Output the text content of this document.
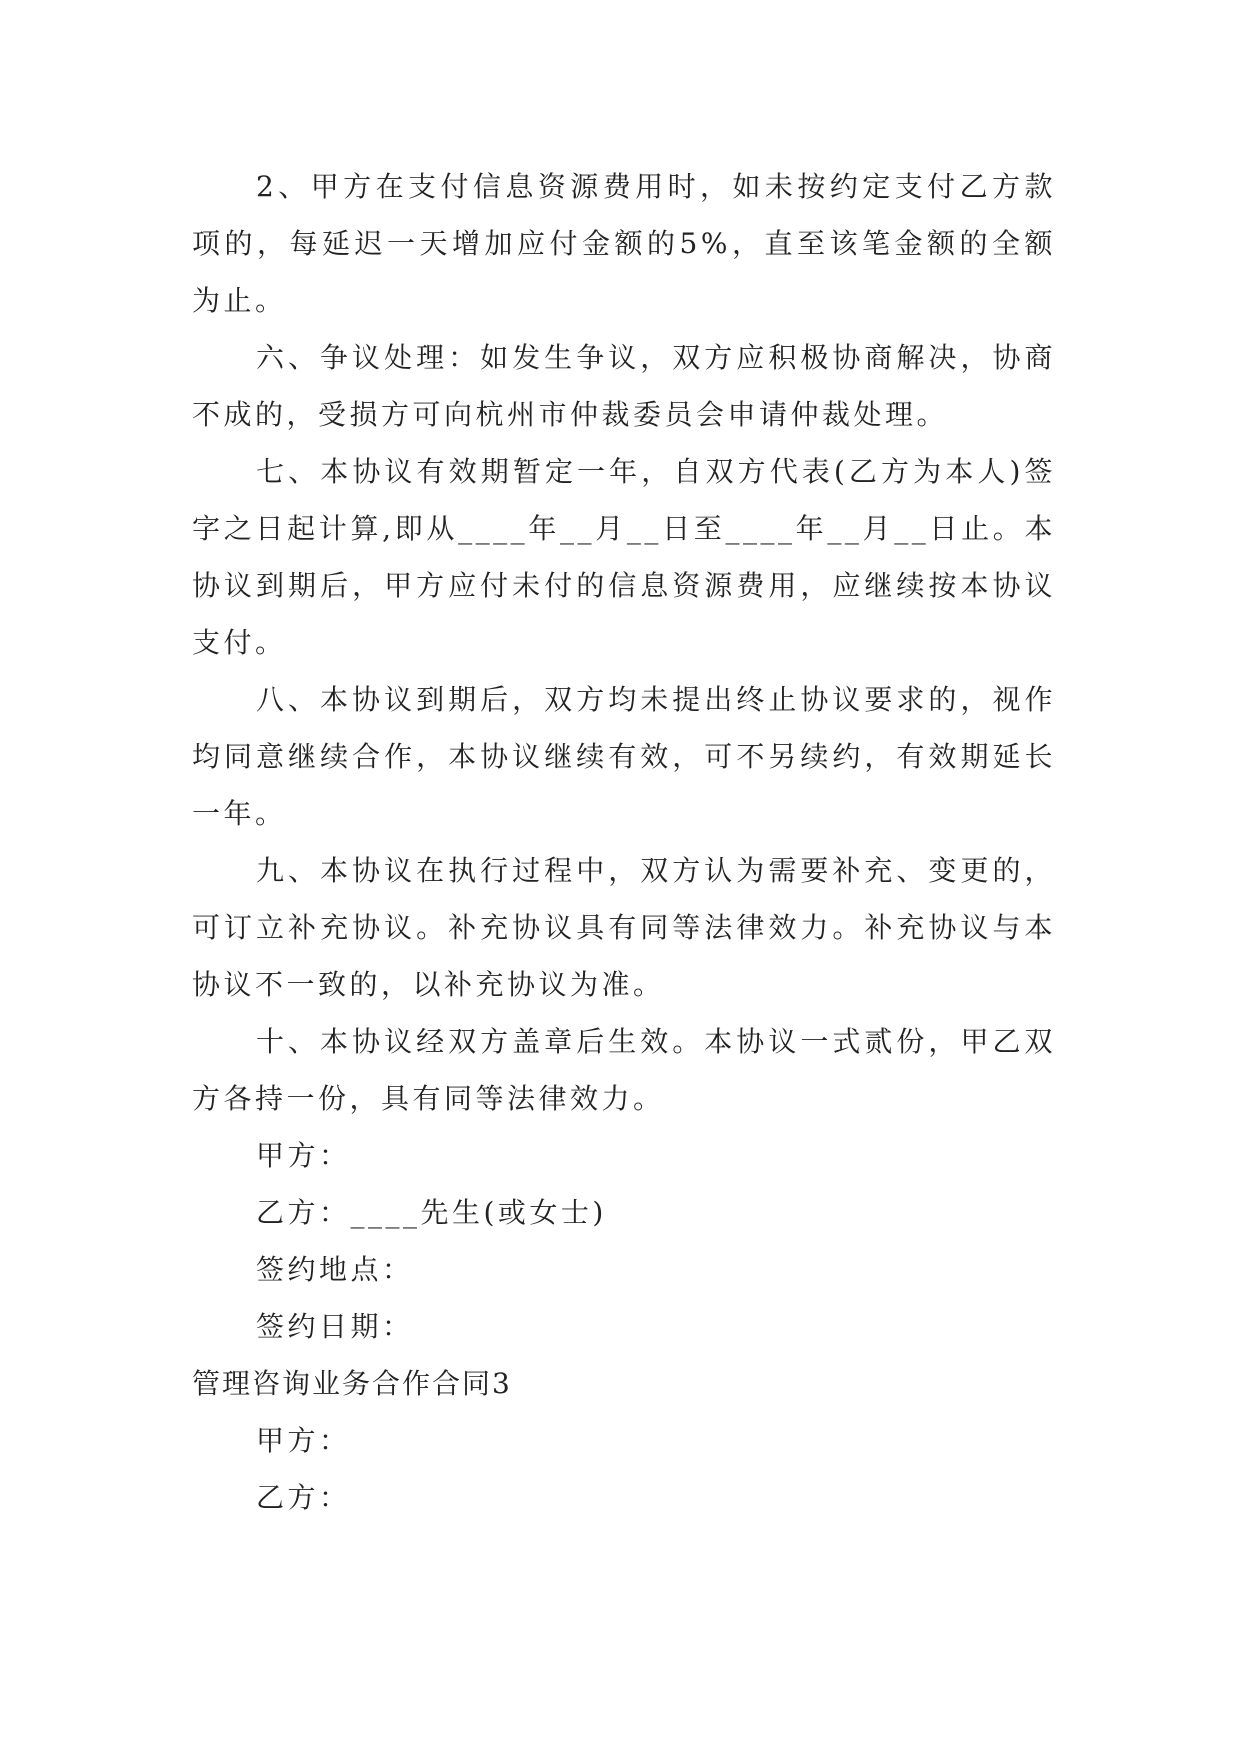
2、甲方在支付信息资源费用时，如未按约定支付乙方款项的，每延迟一天增加应付金额的5%，直至该笔金额的全额为止。

六、争议处理：如发生争议，双方应积极协商解决，协商不成的，受损方可向杭州市仲裁委员会申请仲裁处理。

七、本协议有效期暂定一年，自双方代表(乙方为本人)签字之日起计算,即从____年__月__日至____年__月__日止。本协议到期后，甲方应付未付的信息资源费用，应继续按本协议支付。

八、本协议到期后，双方均未提出终止协议要求的，视作均同意继续合作，本协议继续有效，可不另续约，有效期延长一年。

九、本协议在执行过程中，双方认为需要补充、变更的，可订立补充协议。补充协议具有同等法律效力。补充协议与本协议不一致的，以补充协议为准。

十、本协议经双方盖章后生效。本协议一式贰份，甲乙双方各持一份，具有同等法律效力。

甲方：

乙方：____先生(或女士)

签约地点：

签约日期：

管理咨询业务合作合同3

甲方：

乙方：
